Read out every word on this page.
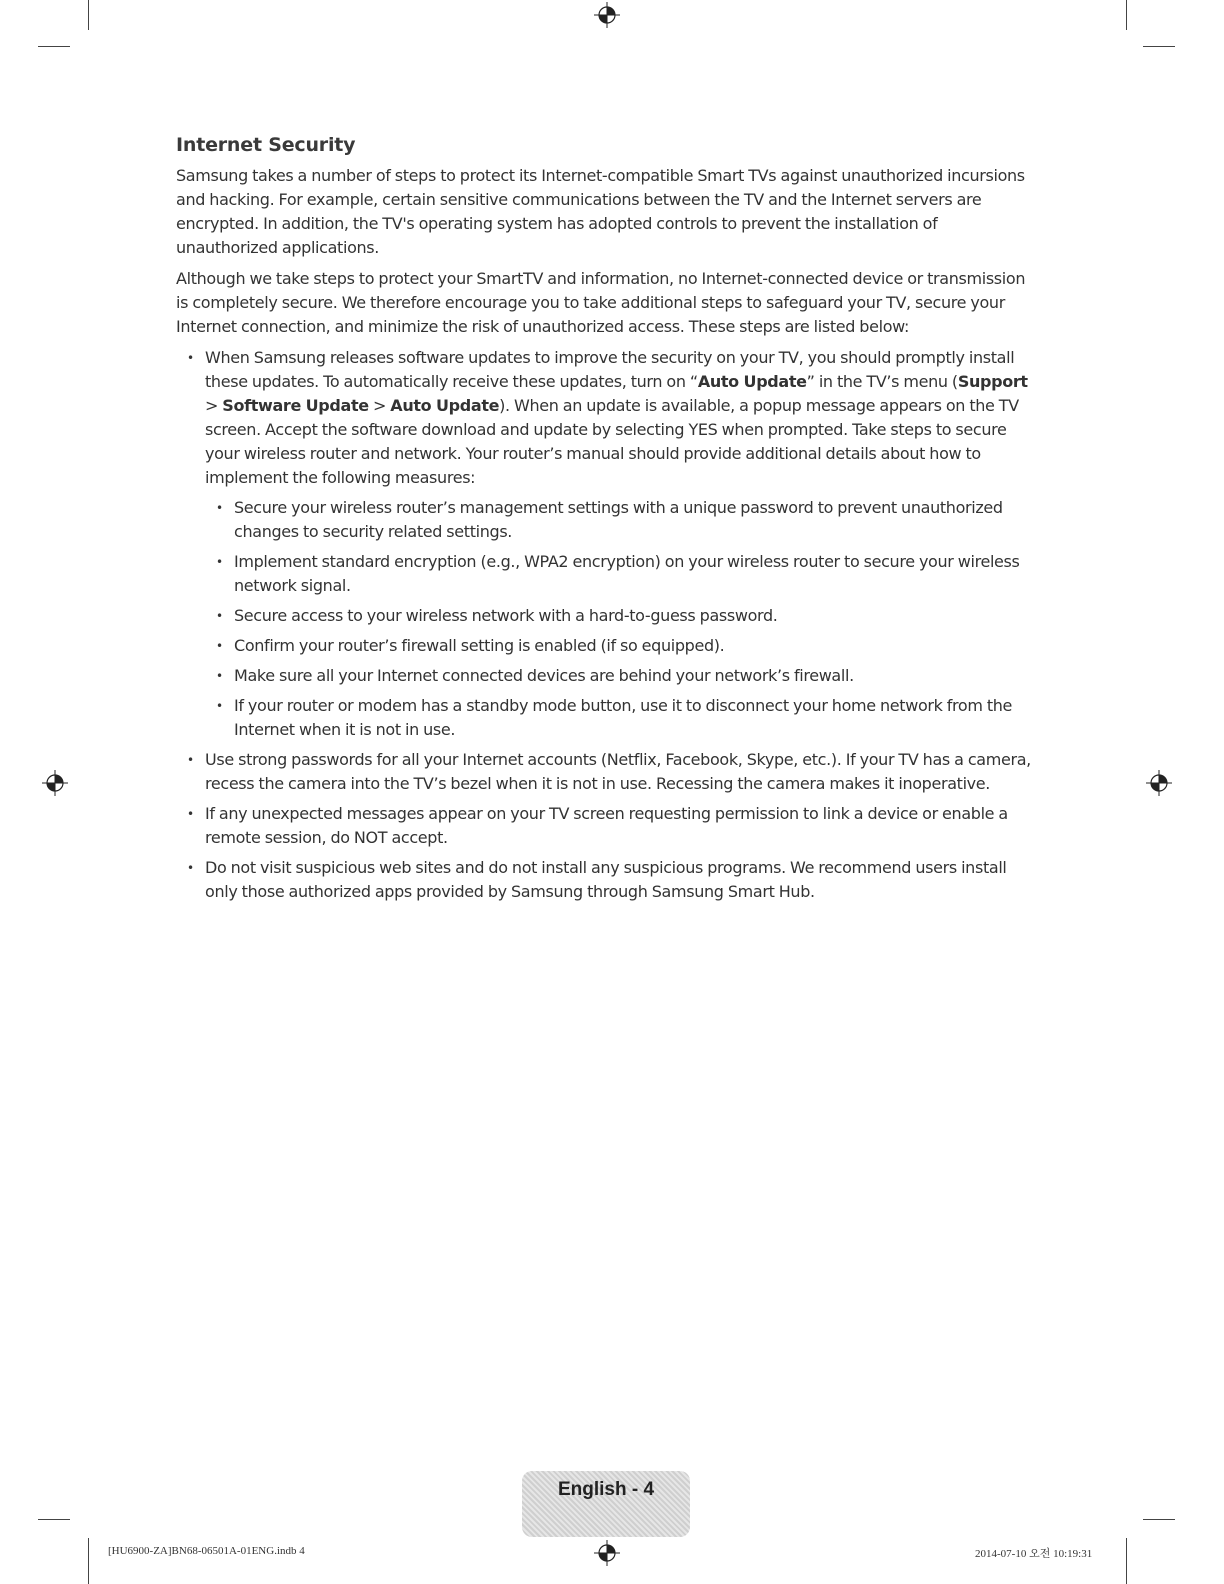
Internet Security

Samsung takes a number of steps to protect its Internet-compatible Smart TVs against unauthorized incursions and hacking. For example, certain sensitive communications between the TV and the Internet servers are encrypted. In addition, the TV's operating system has adopted controls to prevent the installation of unauthorized applications.

Although we take steps to protect your SmartTV and information, no Internet-connected device or transmission is completely secure. We therefore encourage you to take additional steps to safeguard your TV, secure your Internet connection, and minimize the risk of unauthorized access. These steps are listed below:

• When Samsung releases software updates to improve the security on your TV, you should promptly install these updates. To automatically receive these updates, turn on “Auto Update” in the TV’s menu (Support > Software Update > Auto Update). When an update is available, a popup message appears on the TV screen. Accept the software download and update by selecting YES when prompted. Take steps to secure your wireless router and network. Your router’s manual should provide additional details about how to implement the following measures:
• Secure your wireless router’s management settings with a unique password to prevent unauthorized changes to security related settings.
• Implement standard encryption (e.g., WPA2 encryption) on your wireless router to secure your wireless network signal.
• Secure access to your wireless network with a hard-to-guess password.
• Confirm your router’s firewall setting is enabled (if so equipped).
• Make sure all your Internet connected devices are behind your network’s firewall.
• If your router or modem has a standby mode button, use it to disconnect your home network from the Internet when it is not in use.
• Use strong passwords for all your Internet accounts (Netflix, Facebook, Skype, etc.). If your TV has a camera, recess the camera into the TV’s bezel when it is not in use. Recessing the camera makes it inoperative.
• If any unexpected messages appear on your TV screen requesting permission to link a device or enable a remote session, do NOT accept.
• Do not visit suspicious web sites and do not install any suspicious programs. We recommend users install only those authorized apps provided by Samsung through Samsung Smart Hub.
English - 4
[HU6900-ZA]BN68-06501A-01ENG.indb 4	2014-07-10 오전 10:19:31
